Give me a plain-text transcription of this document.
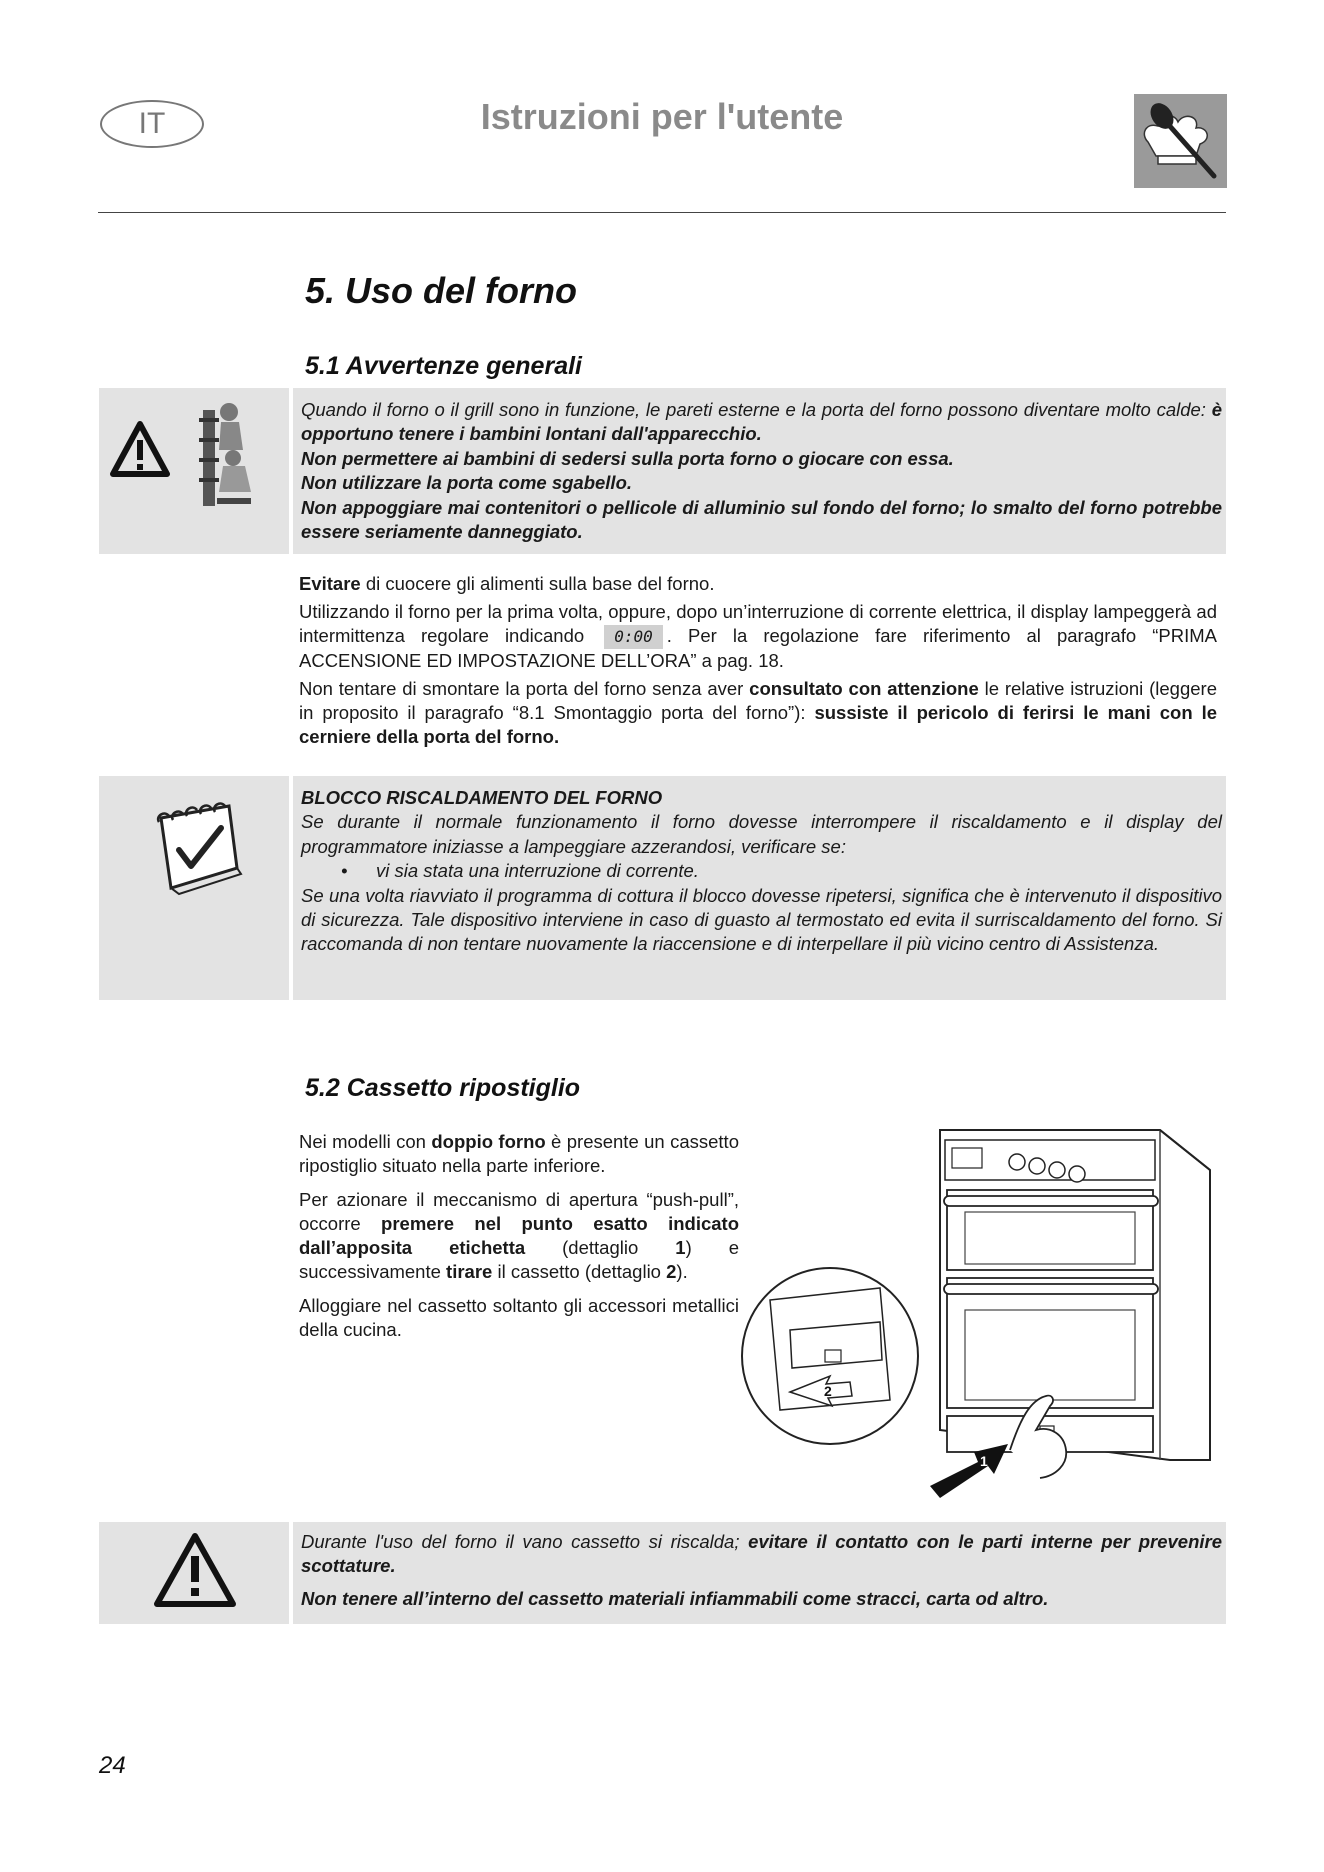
IT	Istruzioni per l'utente
5. Uso del forno
5.1 Avvertenze generali

Quando il forno o il grill sono in funzione, le pareti esterne e la porta del forno possono diventare molto calde: è opportuno tenere i bambini lontani dall'apparecchio.

Non permettere ai bambini di sedersi sulla porta forno o giocare con essa.

Non utilizzare la porta come sgabello.

Non appoggiare mai contenitori o pellicole di alluminio sul fondo del forno; lo smalto del forno potrebbe essere seriamente danneggiato.

Evitare di cuocere gli alimenti sulla base del forno.

Utilizzando il forno per la prima volta, oppure, dopo un’interruzione di corrente elettrica, il display lampeggerà ad intermittenza regolare indicando 0:00 . Per la regolazione fare riferimento al paragrafo “PRIMA ACCENSIONE ED IMPOSTAZIONE DELL’ORA” a pag. 18.

Non tentare di smontare la porta del forno senza aver consultato con attenzione le relative istruzioni (leggere in proposito il paragrafo “8.1 Smontaggio porta del forno”): sussiste il pericolo di ferirsi le mani con le cerniere della porta del forno.

BLOCCO RISCALDAMENTO DEL FORNO

Se durante il normale funzionamento il forno dovesse interrompere il riscaldamento e il display del programmatore iniziasse a lampeggiare azzerandosi, verificare se:

• vi sia stata una interruzione di corrente.

Se una volta riavviato il programma di cottura il blocco dovesse ripetersi, significa che è intervenuto il dispositivo di sicurezza. Tale dispositivo interviene in caso di guasto al termostato ed evita il surriscaldamento del forno. Si raccomanda di non tentare nuovamente la riaccensione e di interpellare il più vicino centro di Assistenza.

5.2 Cassetto ripostiglio

Nei modelli con doppio forno è presente un cassetto ripostiglio situato nella parte inferiore.

Per azionare il meccanismo di apertura “push-pull”, occorre premere nel punto esatto indicato dall’apposita etichetta (dettaglio 1) e successivamente tirare il cassetto (dettaglio 2).

Alloggiare nel cassetto soltanto gli accessori metallici della cucina.

2
1

Durante l'uso del forno il vano cassetto si riscalda; evitare il contatto con le parti interne per prevenire scottature.

Non tenere all’interno del cassetto materiali infiammabili come stracci, carta od altro.

24
